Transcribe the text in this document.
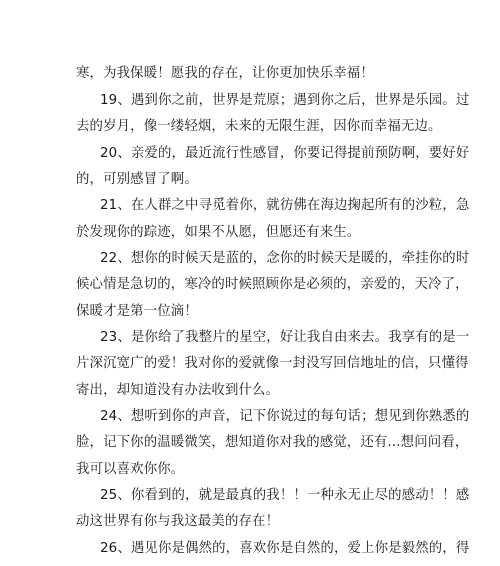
寒，为我保暖！愿我的存在，让你更加快乐幸福！
19、遇到你之前，世界是荒原；遇到你之后，世界是乐园。过
去的岁月，像一缕轻烟，未来的无限生涯，因你而幸福无边。
20、亲爱的，最近流行性感冒，你要记得提前预防啊，要好好
的，可别感冒了啊。
21、在人群之中寻觅着你，就彷佛在海边掬起所有的沙粒，急
於发现你的踪迹，如果不从愿，但愿还有来生。
22、想你的时候天是蓝的，念你的时候天是暖的，牵挂你的时
候心情是急切的，寒冷的时候照顾你是必须的，亲爱的，天冷了，
保暖才是第一位滴！
23、是你给了我整片的星空，好让我自由来去。我享有的是一
片深沉宽广的爱！我对你的爱就像一封没写回信地址的信，只懂得
寄出，却知道没有办法收到什么。
24、想听到你的声音，记下你说过的每句话；想见到你熟悉的
脸，记下你的温暖微笑，想知道你对我的感觉，还有...想问问看，
我可以喜欢你你。
25、你看到的，就是最真的我！！一种永无止尽的感动！！感
动这世界有你与我这最美的存在！
26、遇见你是偶然的，喜欢你是自然的，爱上你是毅然的，得
